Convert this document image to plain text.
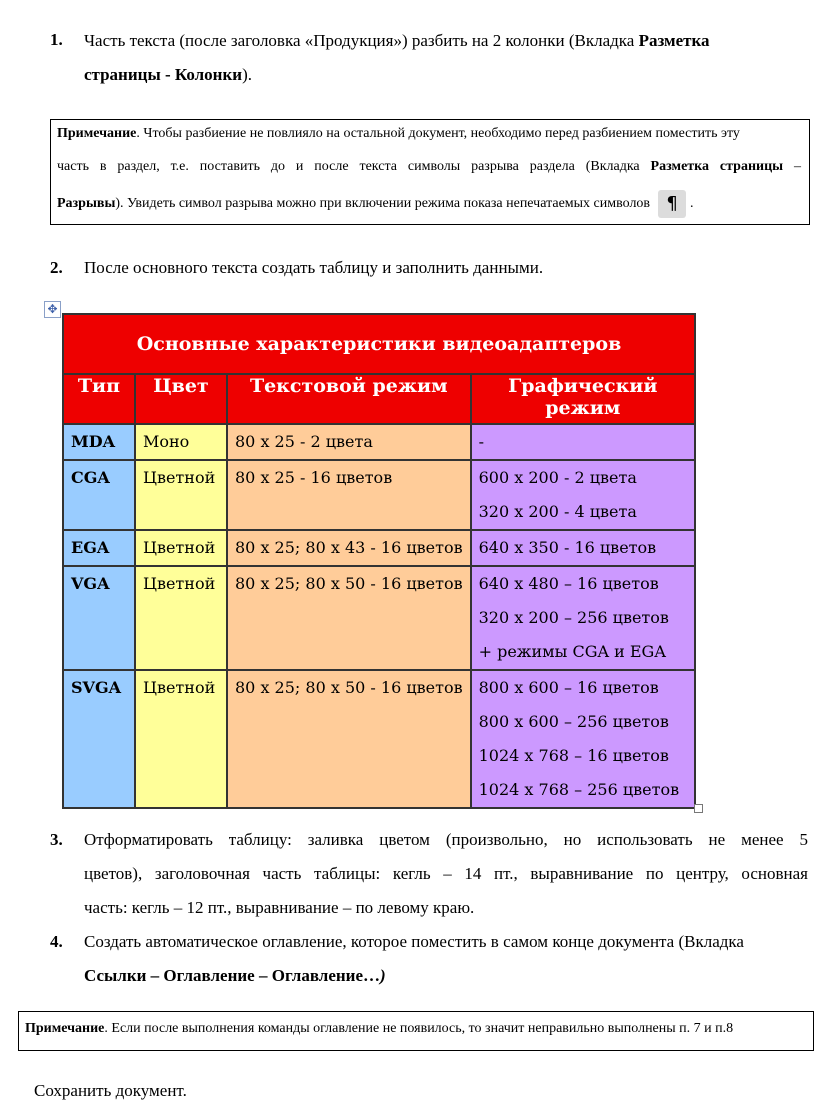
1. Часть текста (после заголовка «Продукция») разбить на 2 колонки (Вкладка Разметка
страницы - Колонки).
Примечание. Чтобы разбиение не повлияло на остальной документ, необходимо перед разбиением поместить эту
часть в раздел, т.е. поставить до и после текста символы разрыва раздела (Вкладка Разметка страницы –
Разрывы). Увидеть символ разрыва можно при включении режима показа непечатаемых символов ¶ .
2. После основного текста создать таблицу и заполнить данными.
✥
Основные характеристики видеоадаптеров			
Тип	Цвет	Текстовой режим	Графический режим

MDA	Моно	80 х 25 - 2 цвета	-

CGA	Цветной	80 х 25 - 16 цветов	600 х 200 - 2 цвета
320 х 200 - 4 цвета

EGA	Цветной	80 х 25; 80 х 43 - 16 цветов	640 х 350 - 16 цветов

VGA	Цветной	80 х 25; 80 х 50 - 16 цветов	640 х 480 – 16 цветов
320 х 200 – 256 цветов
+ режимы CGA и EGA

SVGA	Цветной	80 х 25; 80 х 50 - 16 цветов	800 х 600 – 16 цветов
800 х 600 – 256 цветов
1024 х 768 – 16 цветов
1024 х 768 – 256 цветов
3. Отформатировать таблицу: заливка цветом (произвольно, но использовать не менее 5
цветов), заголовочная часть таблицы: кегль – 14 пт., выравнивание по центру, основная
часть: кегль – 12 пт., выравнивание – по левому краю.
4. Создать автоматическое оглавление, которое поместить в самом конце документа (Вкладка
Ссылки – Оглавление – Оглавление…)
Примечание. Если после выполнения команды оглавление не появилось, то значит неправильно выполнены п. 7 и п.8
Сохранить документ.
